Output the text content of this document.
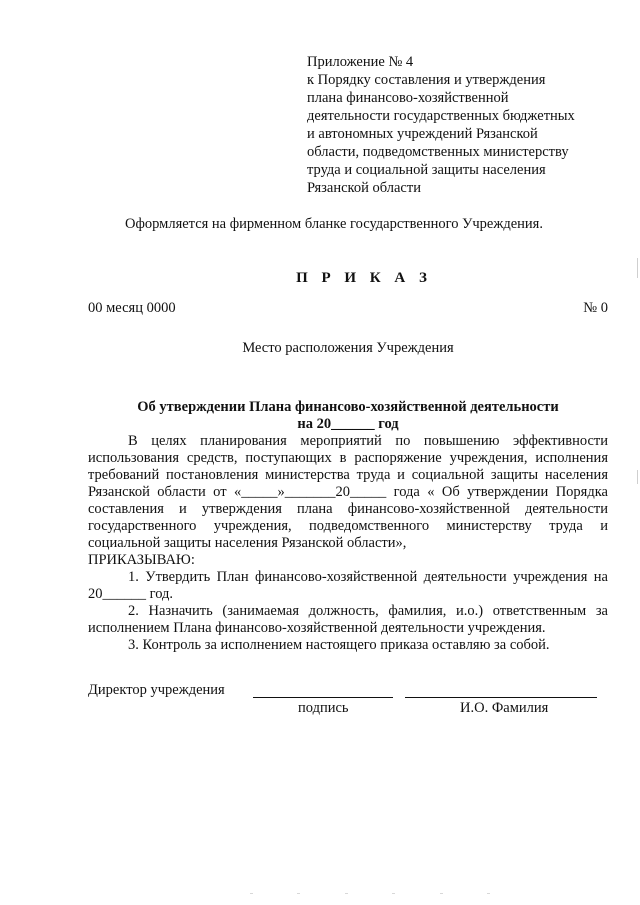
Приложение № 4
к Порядку составления и утверждения
плана финансово-хозяйственной
деятельности государственных бюджетных
и автономных учреждений Рязанской
области, подведомственных министерству
труда и социальной защиты населения
Рязанской области
Оформляется на фирменном бланке государственного Учреждения.
П Р И К А З
00 месяц 0000	№ 0
Место расположения Учреждения
Об утверждении Плана финансово-хозяйственной деятельности
на 20______ год
В целях планирования мероприятий по повышению эффективности
использования средств, поступающих в распоряжение учреждения, исполнения
требований постановления министерства труда и социальной защиты населения
Рязанской области от «_____»_______20_____ года « Об утверждении Порядка
составления и утверждения плана финансово-хозяйственной деятельности
государственного учреждения, подведомственного министерству труда и
социальной защиты населения Рязанской области»,
ПРИКАЗЫВАЮ:
1. Утвердить План финансово-хозяйственной деятельности учреждения на
20______ год.
2. Назначить (занимаемая должность, фамилия, и.о.) ответственным за
исполнением Плана финансово-хозяйственной деятельности учреждения.
3. Контроль за исполнением настоящего приказа оставляю за собой.
Директор учреждения
подпись	И.О. Фамилия
